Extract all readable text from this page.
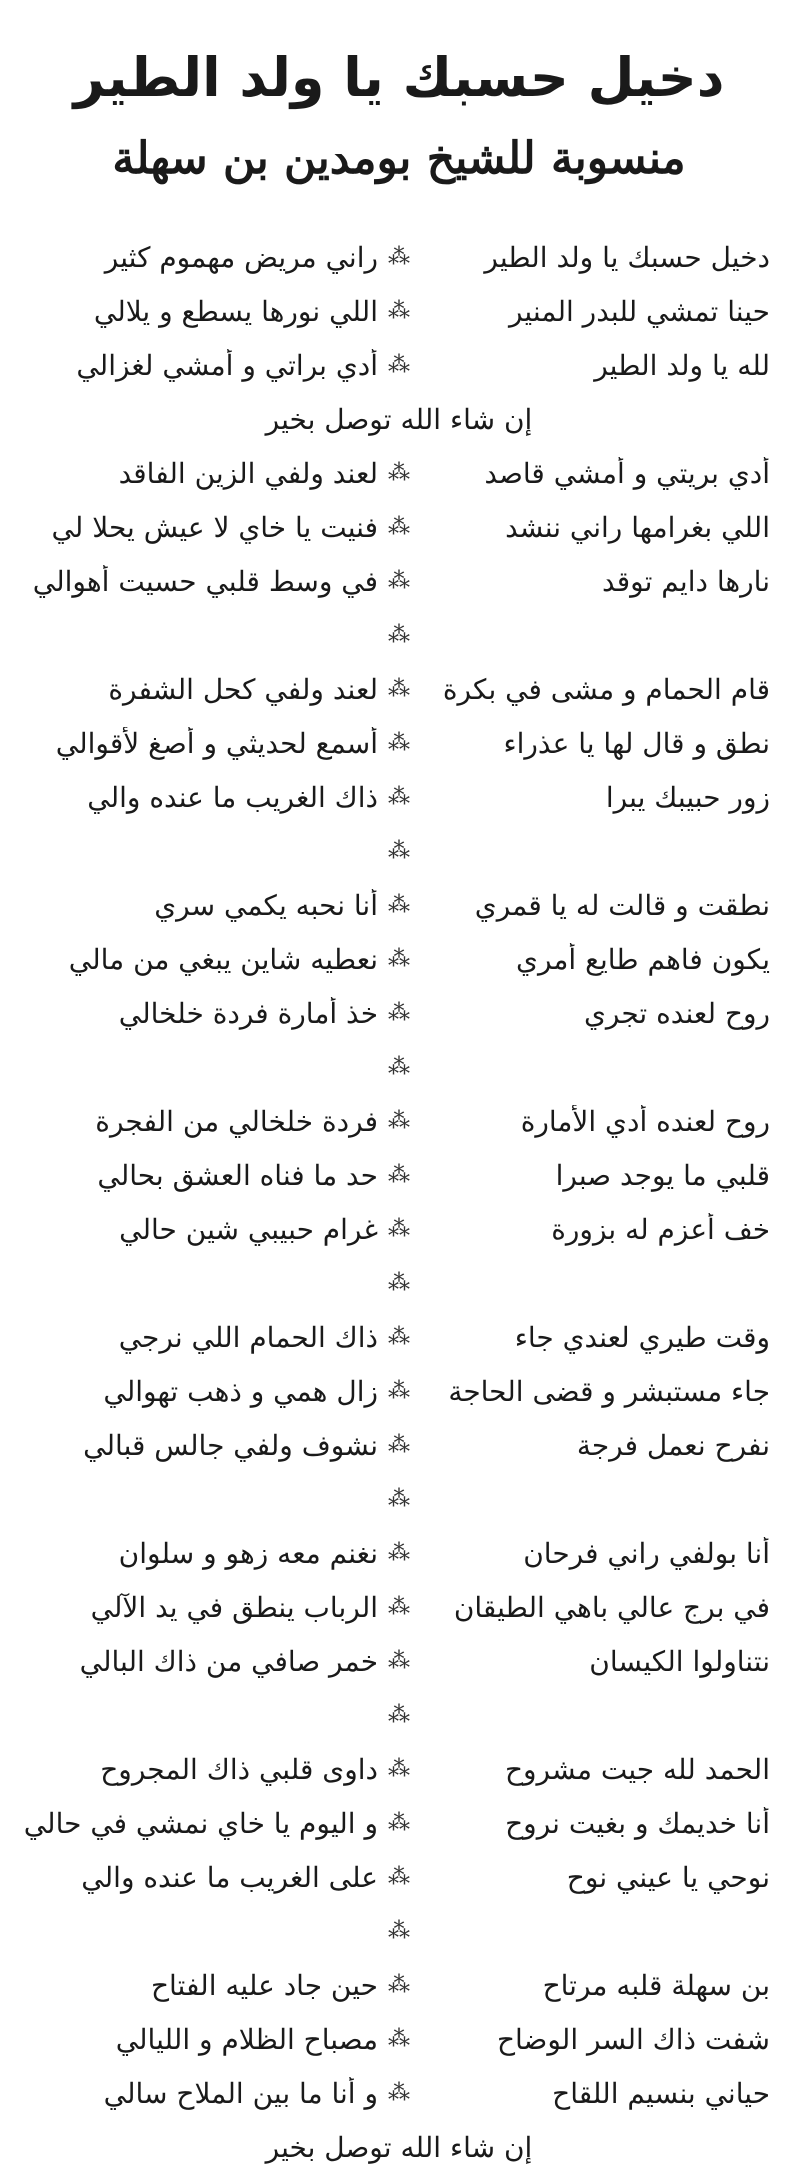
دخيل حسبك يا ولد الطير
منسوبة للشيخ بومدين بن سهلة
دخيل حسبك يا ولد الطير
⁂
راني مريض مهموم كثير
حينا تمشي للبدر المنير
⁂
اللي نورها يسطع و يلالي
لله يا ولد الطير
⁂
أدي براتي و أمشي لغزالي
إن شاء الله توصل بخير
أدي بريتي و أمشي قاصد
⁂
لعند ولفي الزين الفاقد
اللي بغرامها راني ننشد
⁂
فنيت يا خاي لا عيش يحلا لي
نارها دايم توقد
⁂
في وسط قلبي حسيت أهوالي
⁂
قام الحمام و مشى في بكرة
⁂
لعند ولفي كحل الشفرة
نطق و قال لها يا عذراء
⁂
أسمع لحديثي و أصغ لأقوالي
زور حبيبك يبرا
⁂
ذاك الغريب ما عنده والي
⁂
نطقت و قالت له يا قمري
⁂
أنا نحبه يكمي سري
يكون فاهم طايع أمري
⁂
نعطيه شاين يبغي من مالي
روح لعنده تجري
⁂
خذ أمارة فردة خلخالي
⁂
روح لعنده أدي الأمارة
⁂
فردة خلخالي من الفجرة
قلبي ما يوجد صبرا
⁂
حد ما فناه العشق بحالي
خف أعزم له بزورة
⁂
غرام حبيبي شين حالي
⁂
وقت طيري لعندي جاء
⁂
ذاك الحمام اللي نرجي
جاء مستبشر و قضى الحاجة
⁂
زال همي و ذهب تهوالي
نفرح نعمل فرجة
⁂
نشوف ولفي جالس قبالي
⁂
أنا بولفي راني فرحان
⁂
نغنم معه زهو و سلوان
في برج عالي باهي الطيقان
⁂
الرباب ينطق في يد الآلي
نتناولوا الكيسان
⁂
خمر صافي من ذاك البالي
⁂
الحمد لله جيت مشروح
⁂
داوى قلبي ذاك المجروح
أنا خديمك و بغيت نروح
⁂
و اليوم يا خاي نمشي في حالي
نوحي يا عيني نوح
⁂
على الغريب ما عنده والي
⁂
بن سهلة قلبه مرتاح
⁂
حين جاد عليه الفتاح
شفت ذاك السر الوضاح
⁂
مصباح الظلام و الليالي
حياني بنسيم اللقاح
⁂
و أنا ما بين الملاح سالي
إن شاء الله توصل بخير
